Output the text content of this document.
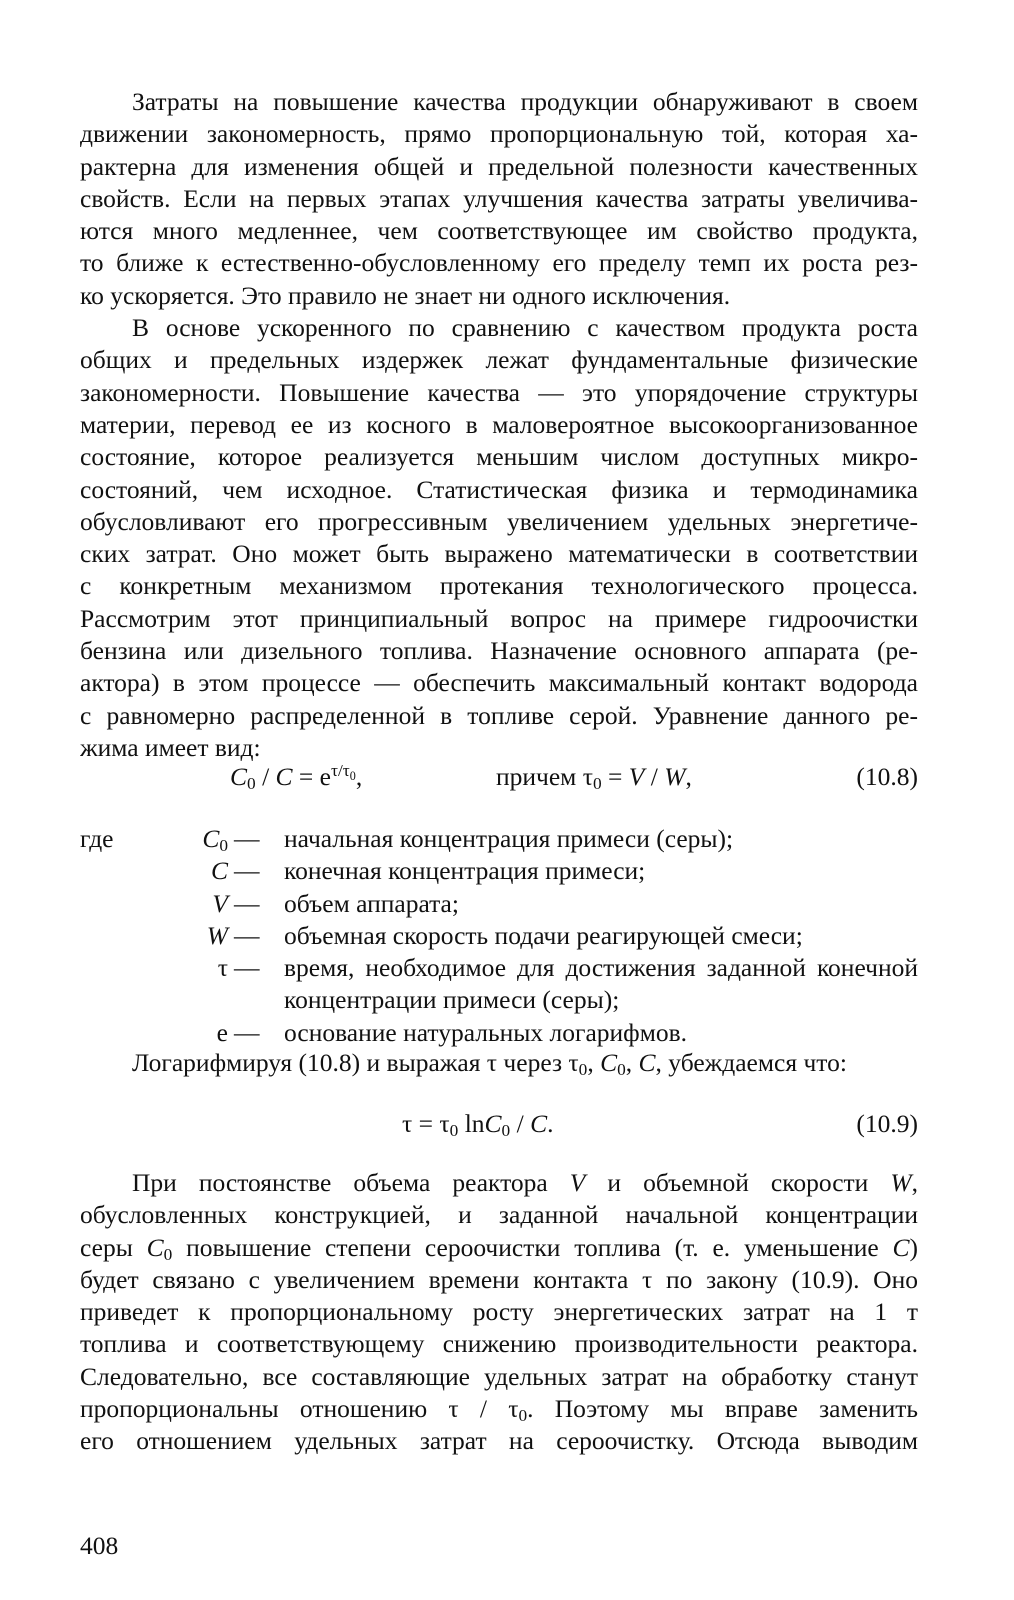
Затраты на повышение качества продукции обнаруживают в своем
движении закономерность, прямо пропорциональную той, которая ха-
рактерна для изменения общей и предельной полезности качественных
свойств. Если на первых этапах улучшения качества затраты увеличива-
ются много медленнее, чем соответствующее им свойство продукта,
то ближе к естественно-обусловленному его пределу темп их роста рез-
ко ускоряется. Это правило не знает ни одного исключения.

В основе ускоренного по сравнению с качеством продукта роста
общих и предельных издержек лежат фундаментальные физические
закономерности. Повышение качества — это упорядочение структуры
материи, перевод ее из косного в маловероятное высокоорганизованное
состояние, которое реализуется меньшим числом доступных микро-
состояний, чем исходное. Статистическая физика и термодинамика
обусловливают его прогрессивным увеличением удельных энергетиче-
ских затрат. Оно может быть выражено математически в соответствии
с конкретным механизмом протекания технологического процесса.
Рассмотрим этот принципиальный вопрос на примере гидроочистки
бензина или дизельного топлива. Назначение основного аппарата (ре-
актора) в этом процессе — обеспечить максимальный контакт водорода
с равномерно распределенной в топливе серой. Уравнение данного ре-
жима имеет вид:

$C_0 / C = e^{\tau/\tau_0}$,	причем $\tau_0 = V / W$,	(10.8)
где	$C_0$ — начальная концентрация примеси (серы);
C — конечная концентрация примеси;
V — объем аппарата;
W — объемная скорость подачи реагирующей смеси;
τ — время, необходимое для достижения заданной конечной
концентрации примеси (серы);
e — основание натуральных логарифмов.
Логарифмируя (10.8) и выражая τ через $\tau_0$, $C_0$, C, убеждаемся что:
$\tau = \tau_0$ lnC$_0$ / C.	(10.9)

При постоянстве объема реактора V и объемной скорости W,
обусловленных конструкцией, и заданной начальной концентрации
серы $C_0$ повышение степени сероочистки топлива (т. е. уменьшение C)
будет связано с увеличением времени контакта τ по закону (10.9). Оно
приведет к пропорциональному росту энергетических затрат на 1 т
топлива и соответствующему снижению производительности реактора.
Следовательно, все составляющие удельных затрат на обработку станут
пропорциональны отношению τ / $\tau_0$. Поэтому мы вправе заменить
его отношением удельных затрат на сероочистку. Отсюда выводим

408
